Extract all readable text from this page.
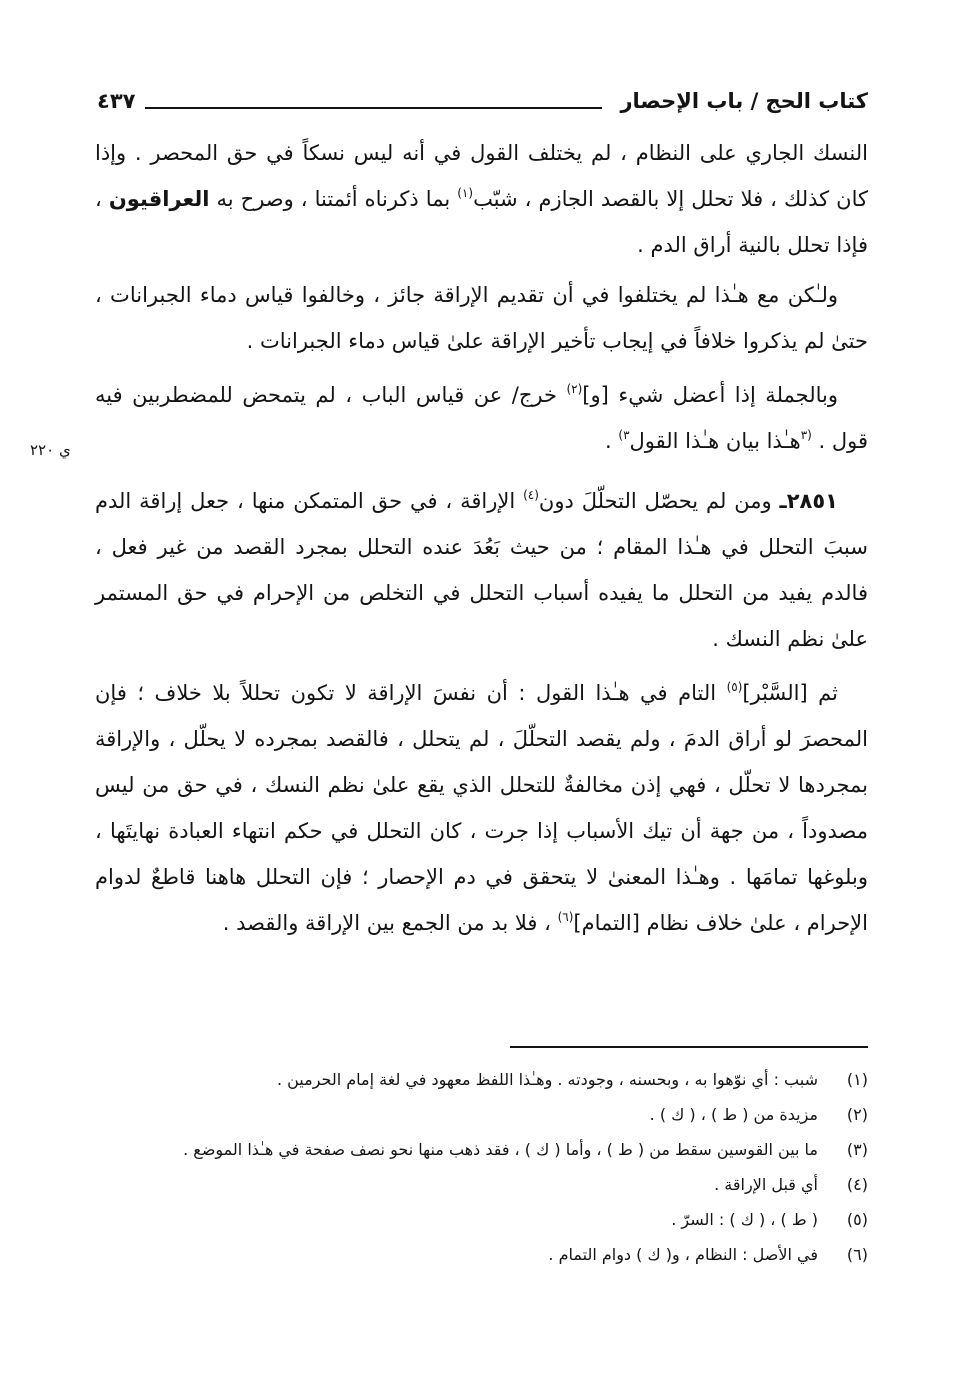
كتاب الحج / باب الإحصار
٤٣٧
٢٢٠ ي

النسك الجاري على النظام ، لم يختلف القول في أنه ليس نسكاً في حق المحصر . وإذا كان كذلك ، فلا تحلل إلا بالقصد الجازم ، شبّب$^{(١)}$ بما ذكرناه أئمتنا ، وصرح به العراقيون ، فإذا تحلل بالنية أراق الدم .

ولـٰكن مع هـٰذا لم يختلفوا في أن تقديم الإراقة جائز ، وخالفوا قياس دماء الجبرانات ، حتىٰ لم يذكروا خلافاً في إيجاب تأخير الإراقة علىٰ قياس دماء الجبرانات .

وبالجملة إذا أعضل شيء [و]$^{(٢)}$ خرج/ عن قياس الباب ، لم يتمحض للمضطربين فيه قول . $^{(٣}$هـٰذا بيان هـٰذا القول$^{٣)}$ .

٢٨٥١ـ ومن لم يحصّل التحلّلَ دون$^{(٤)}$ الإراقة ، في حق المتمكن منها ، جعل إراقة الدم سببَ التحلل في هـٰذا المقام ؛ من حيث بَعُدَ عنده التحلل بمجرد القصد من غير فعل ، فالدم يفيد من التحلل ما يفيده أسباب التحلل في التخلص من الإحرام في حق المستمر علىٰ نظم النسك .

ثم [السَّبْر]$^{(٥)}$ التام في هـٰذا القول : أن نفسَ الإراقة لا تكون تحللاً بلا خلاف ؛ فإن المحصرَ لو أراق الدمَ ، ولم يقصد التحلّلَ ، لم يتحلل ، فالقصد بمجرده لا يحلّل ، والإراقة بمجردها لا تحلّل ، فهي إذن مخالفةٌ للتحلل الذي يقع علىٰ نظم النسك ، في حق من ليس مصدوداً ، من جهة أن تيك الأسباب إذا جرت ، كان التحلل في حكم انتهاء العبادة نهايتَها ، وبلوغها تمامَها . وهـٰذا المعنىٰ لا يتحقق في دم الإحصار ؛ فإن التحلل هاهنا قاطعٌ لدوام الإحرام ، علىٰ خلاف نظام [التمام]$^{(٦)}$ ، فلا بد من الجمع بين الإراقة والقصد .

(١)
شبب : أي نوّهوا به ، وبحسنه ، وجودته . وهـٰذا اللفظ معهود في لغة إمام الحرمين .
(٢)
مزيدة من ( ط ) ، ( ك ) .
(٣)
ما بين القوسين سقط من ( ط ) ، وأما ( ك ) ، فقد ذهب منها نحو نصف صفحة في هـٰذا الموضع .
(٤)
أي قبل الإراقة .
(٥)
( ط ) ، ( ك ) : السرّ .
(٦)
في الأصل : النظام ، و( ك ) دوام التمام .
